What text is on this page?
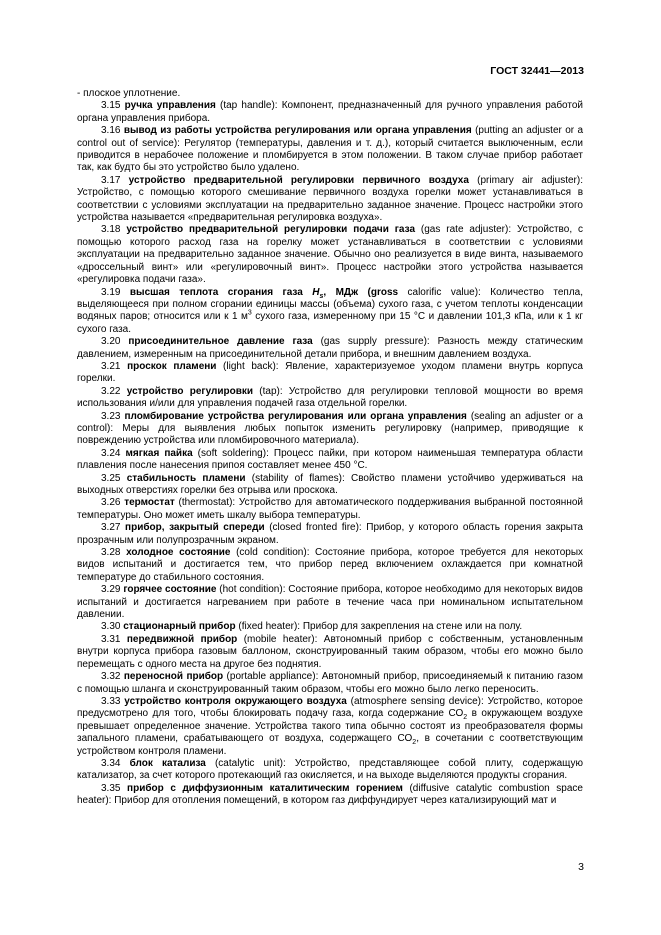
ГОСТ 32441—2013

- плоское уплотнение.

3.15 ручка управления (tap handle): Компонент, предназначенный для ручного управления работой органа управления прибора.

3.16 вывод из работы устройства регулирования или органа управления (putting an adjuster or a control out of service): Регулятор (температуры, давления и т. д.), который считается выключенным, если приводится в нерабочее положение и пломбируется в этом положении. В таком случае прибор работает так, как будто бы это устройство было удалено.

3.17 устройство предварительной регулировки первичного воздуха (primary air adjuster): Устройство, с помощью которого смешивание первичного воздуха горелки может устанавливаться в соответствии с условиями эксплуатации на предварительно заданное значение. Процесс настройки этого устройства называется «предварительная регулировка воздуха».

3.18 устройство предварительной регулировки подачи газа (gas rate adjuster): Устройство, с помощью которого расход газа на горелку может устанавливаться в соответствии с условиями эксплуатации на предварительно заданное значение. Обычно оно реализуется в виде винта, называемого «дроссельный винт» или «регулировочный винт». Процесс настройки этого устройства называется «регулировка подачи газа».

3.19 высшая теплота сгорания газа $H_s$, МДж (gross calorific value): Количество тепла, выделяющееся при полном сгорании единицы массы (объема) сухого газа, с учетом теплоты конденсации водяных паров; относится или к 1 $м^3$ сухого газа, измеренному при 15 °С и давлении 101,3 кПа, или к 1 кг сухого газа.

3.20 присоединительное давление газа (gas supply pressure): Разность между статическим давлением, измеренным на присоединительной детали прибора, и внешним давлением воздуха.

3.21 проскок пламени (light back): Явление, характеризуемое уходом пламени внутрь корпуса горелки.

3.22 устройство регулировки (tap): Устройство для регулировки тепловой мощности во время использования и/или для управления подачей газа отдельной горелки.

3.23 пломбирование устройства регулирования или органа управления (sealing an adjuster or a control): Меры для выявления любых попыток изменить регулировку (например, приводящие к повреждению устройства или пломбировочного материала).

3.24 мягкая пайка (soft soldering): Процесс пайки, при котором наименьшая температура области плавления после нанесения припоя составляет менее 450 °С.

3.25 стабильность пламени (stability of flames): Свойство пламени устойчиво удерживаться на выходных отверстиях горелки без отрыва или проскока.

3.26 термостат (thermostat): Устройство для автоматического поддерживания выбранной постоянной температуры. Оно может иметь шкалу выбора температуры.

3.27 прибор, закрытый спереди (closed fronted fire): Прибор, у которого область горения закрыта прозрачным или полупрозрачным экраном.

3.28 холодное состояние (cold condition): Состояние прибора, которое требуется для некоторых видов испытаний и достигается тем, что прибор перед включением охлаждается при комнатной температуре до стабильного состояния.

3.29 горячее состояние (hot condition): Состояние прибора, которое необходимо для некоторых видов испытаний и достигается нагреванием при работе в течение часа при номинальном испытательном давлении.

3.30 стационарный прибор (fixed heater): Прибор для закрепления на стене или на полу.

3.31 передвижной прибор (mobile heater): Автономный прибор с собственным, установленным внутри корпуса прибора газовым баллоном, сконструированный таким образом, чтобы его можно было перемещать с одного места на другое без поднятия.

3.32 переносной прибор (portable appliance): Автономный прибор, присоединяемый к питанию газом с помощью шланга и сконструированный таким образом, чтобы его можно было легко переносить.

3.33 устройство контроля окружающего воздуха (atmosphere sensing device): Устройство, которое предусмотрено для того, чтобы блокировать подачу газа, когда содержание $СО_2$ в окружающем воздухе превышает определенное значение. Устройства такого типа обычно состоят из преобразователя формы запального пламени, срабатывающего от воздуха, содержащего $СО_2$, в сочетании с соответствующим устройством контроля пламени.

3.34 блок катализа (catalytic unit): Устройство, представляющее собой плиту, содержащую катализатор, за счет которого протекающий газ окисляется, и на выходе выделяются продукты сгорания.

3.35 прибор с диффузионным каталитическим горением (diffusive catalytic combustion space heater): Прибор для отопления помещений, в котором газ диффундирует через катализирующий мат и

3
